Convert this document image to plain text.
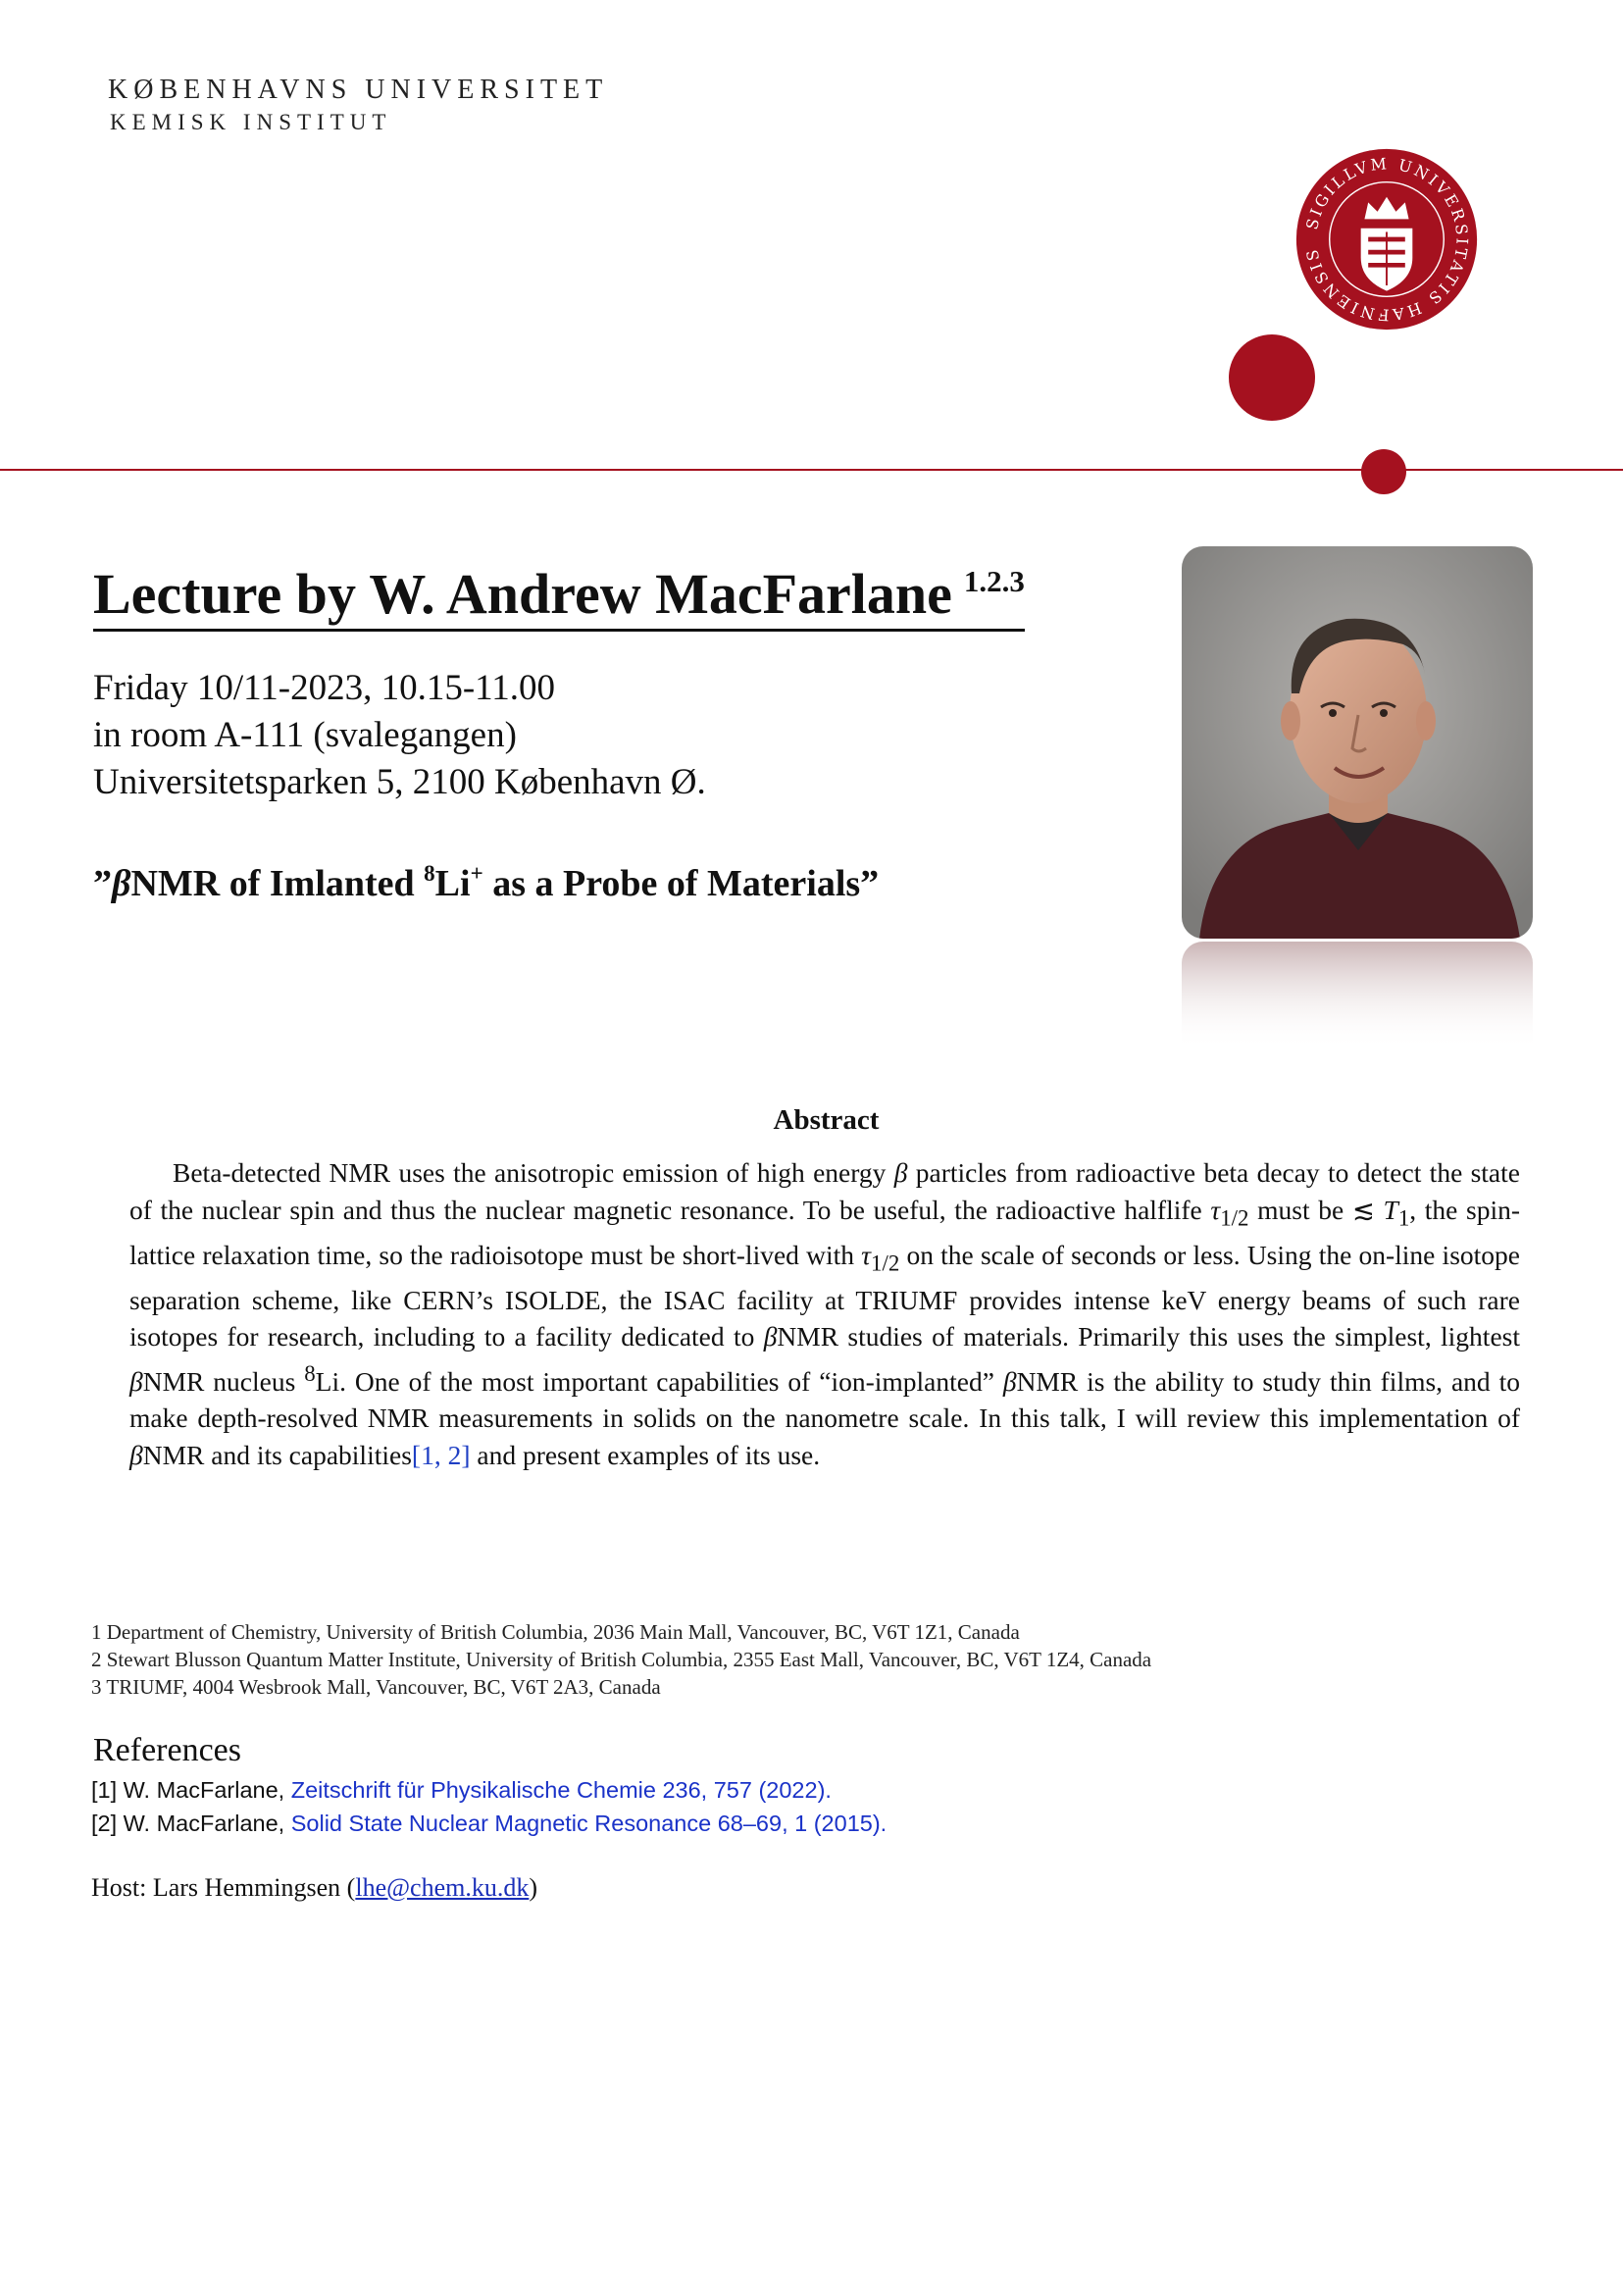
KØBENHAVNS UNIVERSITET
KEMISK INSTITUT
SIGILLVM UNIVERSITATIS HAFNIENSIS
Lecture by W. Andrew MacFarlane $^{1.2.3}$
Friday 10/11-2023, 10.15-11.00
in room A-111 (svalegangen)
Universitetsparken 5, 2100 København Ø.
”βNMR of Imlanted $^8$Li+ as a Probe of Materials”
Abstract

Beta-detected NMR uses the anisotropic emission of high energy β particles from radioactive beta decay to detect the state of the nuclear spin and thus the nuclear magnetic resonance. To be useful, the radioactive halflife $\tau_{1/2}$ must be ≲ $T_1$, the spin-lattice relaxation time, so the radioisotope must be short-lived with $\tau_{1/2}$ on the scale of seconds or less. Using the on-line isotope separation scheme, like CERN’s ISOLDE, the ISAC facility at TRIUMF provides intense keV energy beams of such rare isotopes for research, including to a facility dedicated to βNMR studies of materials. Primarily this uses the simplest, lightest βNMR nucleus $^8$Li. One of the most important capabilities of “ion-implanted” βNMR is the ability to study thin films, and to make depth-resolved NMR measurements in solids on the nanometre scale. In this talk, I will review this implementation of βNMR and its capabilities[1, 2] and present examples of its use.

1 Department of Chemistry, University of British Columbia, 2036 Main Mall, Vancouver, BC, V6T 1Z1, Canada
2 Stewart Blusson Quantum Matter Institute, University of British Columbia, 2355 East Mall, Vancouver, BC, V6T 1Z4, Canada
3 TRIUMF, 4004 Wesbrook Mall, Vancouver, BC, V6T 2A3, Canada
References
[1] W. MacFarlane, Zeitschrift für Physikalische Chemie 236, 757 (2022).
[2] W. MacFarlane, Solid State Nuclear Magnetic Resonance 68–69, 1 (2015).
Host: Lars Hemmingsen (lhe@chem.ku.dk)
